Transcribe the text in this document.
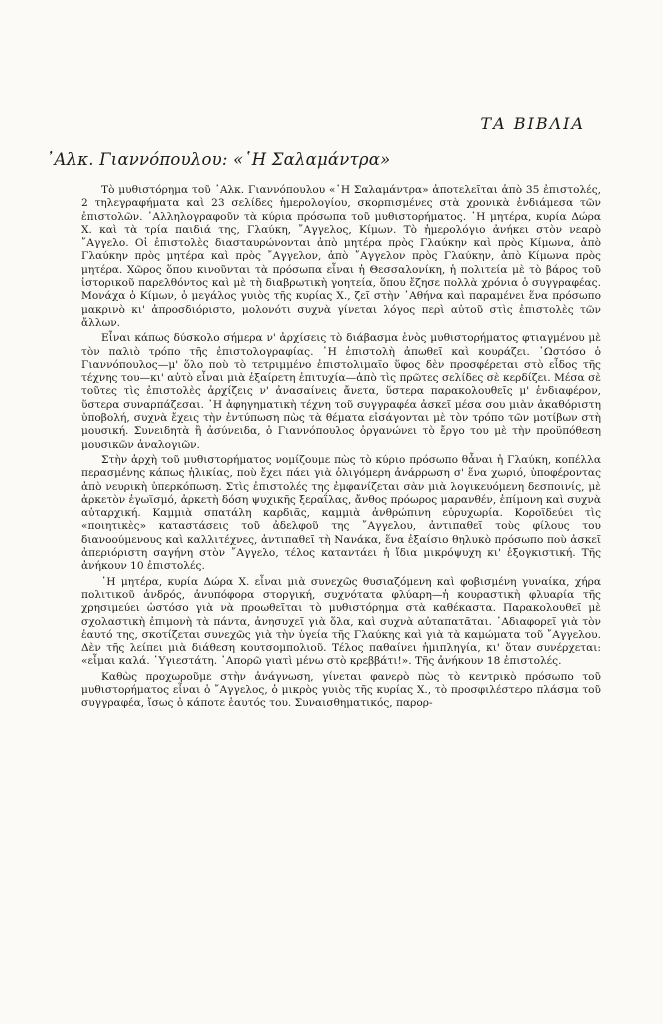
ΤΑ ΒΙΒΛΙΑ
᾿Αλκ. Γιαννόπουλου: «῾Η Σαλαμάντρα»

Τὸ μυθιστόρημα τοῦ ᾿Αλκ. Γιαννόπουλου «῾Η Σαλαμάντρα» ἀποτελεῖται ἀπὸ 35 ἐπιστολές, 2 τηλεγραφήματα καὶ 23 σελίδες ἡμερολογίου, σκορπισμένες στὰ χρονικὰ ἐνδιάμεσα τῶν ἐπιστολῶν. ᾿Αλληλογραφοῦν τὰ κύρια πρόσωπα τοῦ μυθιστορήματος. ῾Η μητέρα, κυρία Δώρα Χ. καὶ τὰ τρία παιδιά της, Γλαύκη, ῎Αγγελος, Κίμων. Τὸ ἡμερολόγιο ἀνήκει στὸν νεαρὸ ῎Αγγελο. Οἱ ἐπιστολὲς διασταυρώνονται ἀπὸ μητέρα πρὸς Γλαύκην καὶ πρὸς Κίμωνα, ἀπὸ Γλαύκην πρὸς μητέρα καὶ πρὸς ῎Αγγελον, ἀπὸ ῎Αγγελον πρὸς Γλαύκην, ἀπὸ Κίμωνα πρὸς μητέρα. Χῶρος ὅπου κινοῦνται τὰ πρόσωπα εἶναι ἡ Θεσσαλονίκη, ἡ πολιτεία μὲ τὸ βάρος τοῦ ἱστορικοῦ παρελθόντος καὶ μὲ τὴ διαβρωτικὴ γοητεία, ὅπου ἔζησε πολλὰ χρόνια ὁ συγγραφέας. Μονάχα ὁ Κίμων, ὁ μεγάλος γυιὸς τῆς κυρίας Χ., ζεῖ στὴν ᾿Αθήνα καὶ παραμένει ἕνα πρόσωπο μακρινὸ κι' ἀπροσδιόριστο, μολονότι συχνὰ γίνεται λόγος περὶ αὐτοῦ στὶς ἐπιστολὲς τῶν ἄλλων.

Εἶναι κάπως δύσκολο σήμερα ν' ἀρχίσεις τὸ διάβασμα ἑνὸς μυθιστορήματος φτιαγμένου μὲ τὸν παλιὸ τρόπο τῆς ἐπιστολογραφίας. ῾Η ἐπιστολὴ ἀπωθεῖ καὶ κουράζει. ῾Ωστόσο ὁ Γιαννόπουλος—μ' ὅλο ποὺ τὸ τετριμμένο ἐπιστολιμαῖο ὕφος δὲν προσφέρεται στὸ εἶδος τῆς τέχνης του—κι' αὐτὸ εἶναι μιὰ ἐξαίρετη ἐπιτυχία—ἀπὸ τὶς πρῶτες σελίδες σὲ κερδίζει. Μέσα σὲ τοῦτες τὶς ἐπιστολὲς ἀρχίζεις ν' ἀνασαίνεις ἄνετα, ὕστερα παρακολουθεῖς μ' ἐνδιαφέρον, ὕστερα συναρπάζεσαι. ῾Η ἀφηγηματικὴ τέχνη τοῦ συγγραφέα ἀσκεῖ μέσα σου μιὰν ἀκαθόριστη ὑποβολή, συχνὰ ἔχεις τὴν ἐντύπωση πὼς τὰ θέματα εἰσάγονται μὲ τὸν τρόπο τῶν μοτίβων στὴ μουσική. Συνειδητὰ ἢ ἀσύνειδα, ὁ Γιαννόπουλος ὀργανώνει τὸ ἔργο του μὲ τὴν προϋπόθεση μουσικῶν ἀναλογιῶν.

Στὴν ἀρχὴ τοῦ μυθιστορήματος νομίζουμε πὼς τὸ κύριο πρόσωπο θἆναι ἡ Γλαύκη, κοπέλλα περασμένης κάπως ἡλικίας, ποὺ ἔχει πάει γιὰ ὀλιγόμερη ἀνάρρωση σ' ἕνα χωριό, ὑποφέροντας ἀπὸ νευρικὴ ὑπερκόπωση. Στὶς ἐπιστολές της ἐμφανίζεται σὰν μιὰ λογικευόμενη δεσποινίς, μὲ ἀρκετὸν ἐγωϊσμό, ἀρκετὴ δόση ψυχικῆς ξεραΐλας, ἄνθος πρόωρος μαρανθέν, ἐπίμονη καὶ συχνὰ αὐταρχική. Καμμιὰ σπατάλη καρδιᾶς, καμμιὰ ἀνθρώπινη εὐρυχωρία. Κοροϊδεύει τὶς «ποιητικὲς» καταστάσεις τοῦ ἀδελφοῦ της ῎Αγγελου, ἀντιπαθεῖ τοὺς φίλους του διανοούμενους καὶ καλλιτέχνες, ἀντιπαθεῖ τὴ Νανάκα, ἕνα ἐξαίσιο θηλυκὸ πρόσωπο ποὺ ἀσκεῖ ἀπεριόριστη σαγήνη στὸν ῎Αγγελο, τέλος καταντάει ἡ ἴδια μικρόψυχη κι' ἐξογκιστική. Τῆς ἀνήκουν 10 ἐπιστολές.

῾Η μητέρα, κυρία Δώρα Χ. εἶναι μιὰ συνεχῶς θυσιαζόμενη καὶ φοβισμένη γυναίκα, χήρα πολιτικοῦ ἀνδρός, ἀνυπόφορα στοργική, συχνότατα φλύαρη—ἡ κουραστικὴ φλυαρία τῆς χρησιμεύει ὡστόσο γιὰ νὰ προωθεῖται τὸ μυθιστόρημα στὰ καθέκαστα. Παρακολουθεῖ μὲ σχολαστικὴ ἐπιμονὴ τὰ πάντα, ἀνησυχεῖ γιὰ ὅλα, καὶ συχνὰ αὐταπατᾶται. ᾿Αδιαφορεῖ γιὰ τὸν ἑαυτό της, σκοτίζεται συνεχῶς γιὰ τὴν ὑγεία τῆς Γλαύκης καὶ γιὰ τὰ καμώματα τοῦ ῎Αγγελου. Δὲν τῆς λείπει μιὰ διάθεση κουτσομπολιοῦ. Τέλος παθαίνει ἡμιπληγία, κι' ὅταν συνέρχεται: «εἶμαι καλά. ῾Υγιεστάτη. ᾿Απορῶ γιατὶ μένω στὸ κρεββάτι!». Τῆς ἀνήκουν 18 ἐπιστολές.

Καθὼς προχωροῦμε στὴν ἀνάγνωση, γίνεται φανερὸ πὼς τὸ κεντρικὸ πρόσωπο τοῦ μυθιστορήματος εἶναι ὁ ῎Αγγελος, ὁ μικρὸς γυιὸς τῆς κυρίας Χ., τὸ προσφιλέστερο πλάσμα τοῦ συγγραφέα, ἴσως ὁ κάποτε ἑαυτός του. Συναισθηματικός, παρορ-
